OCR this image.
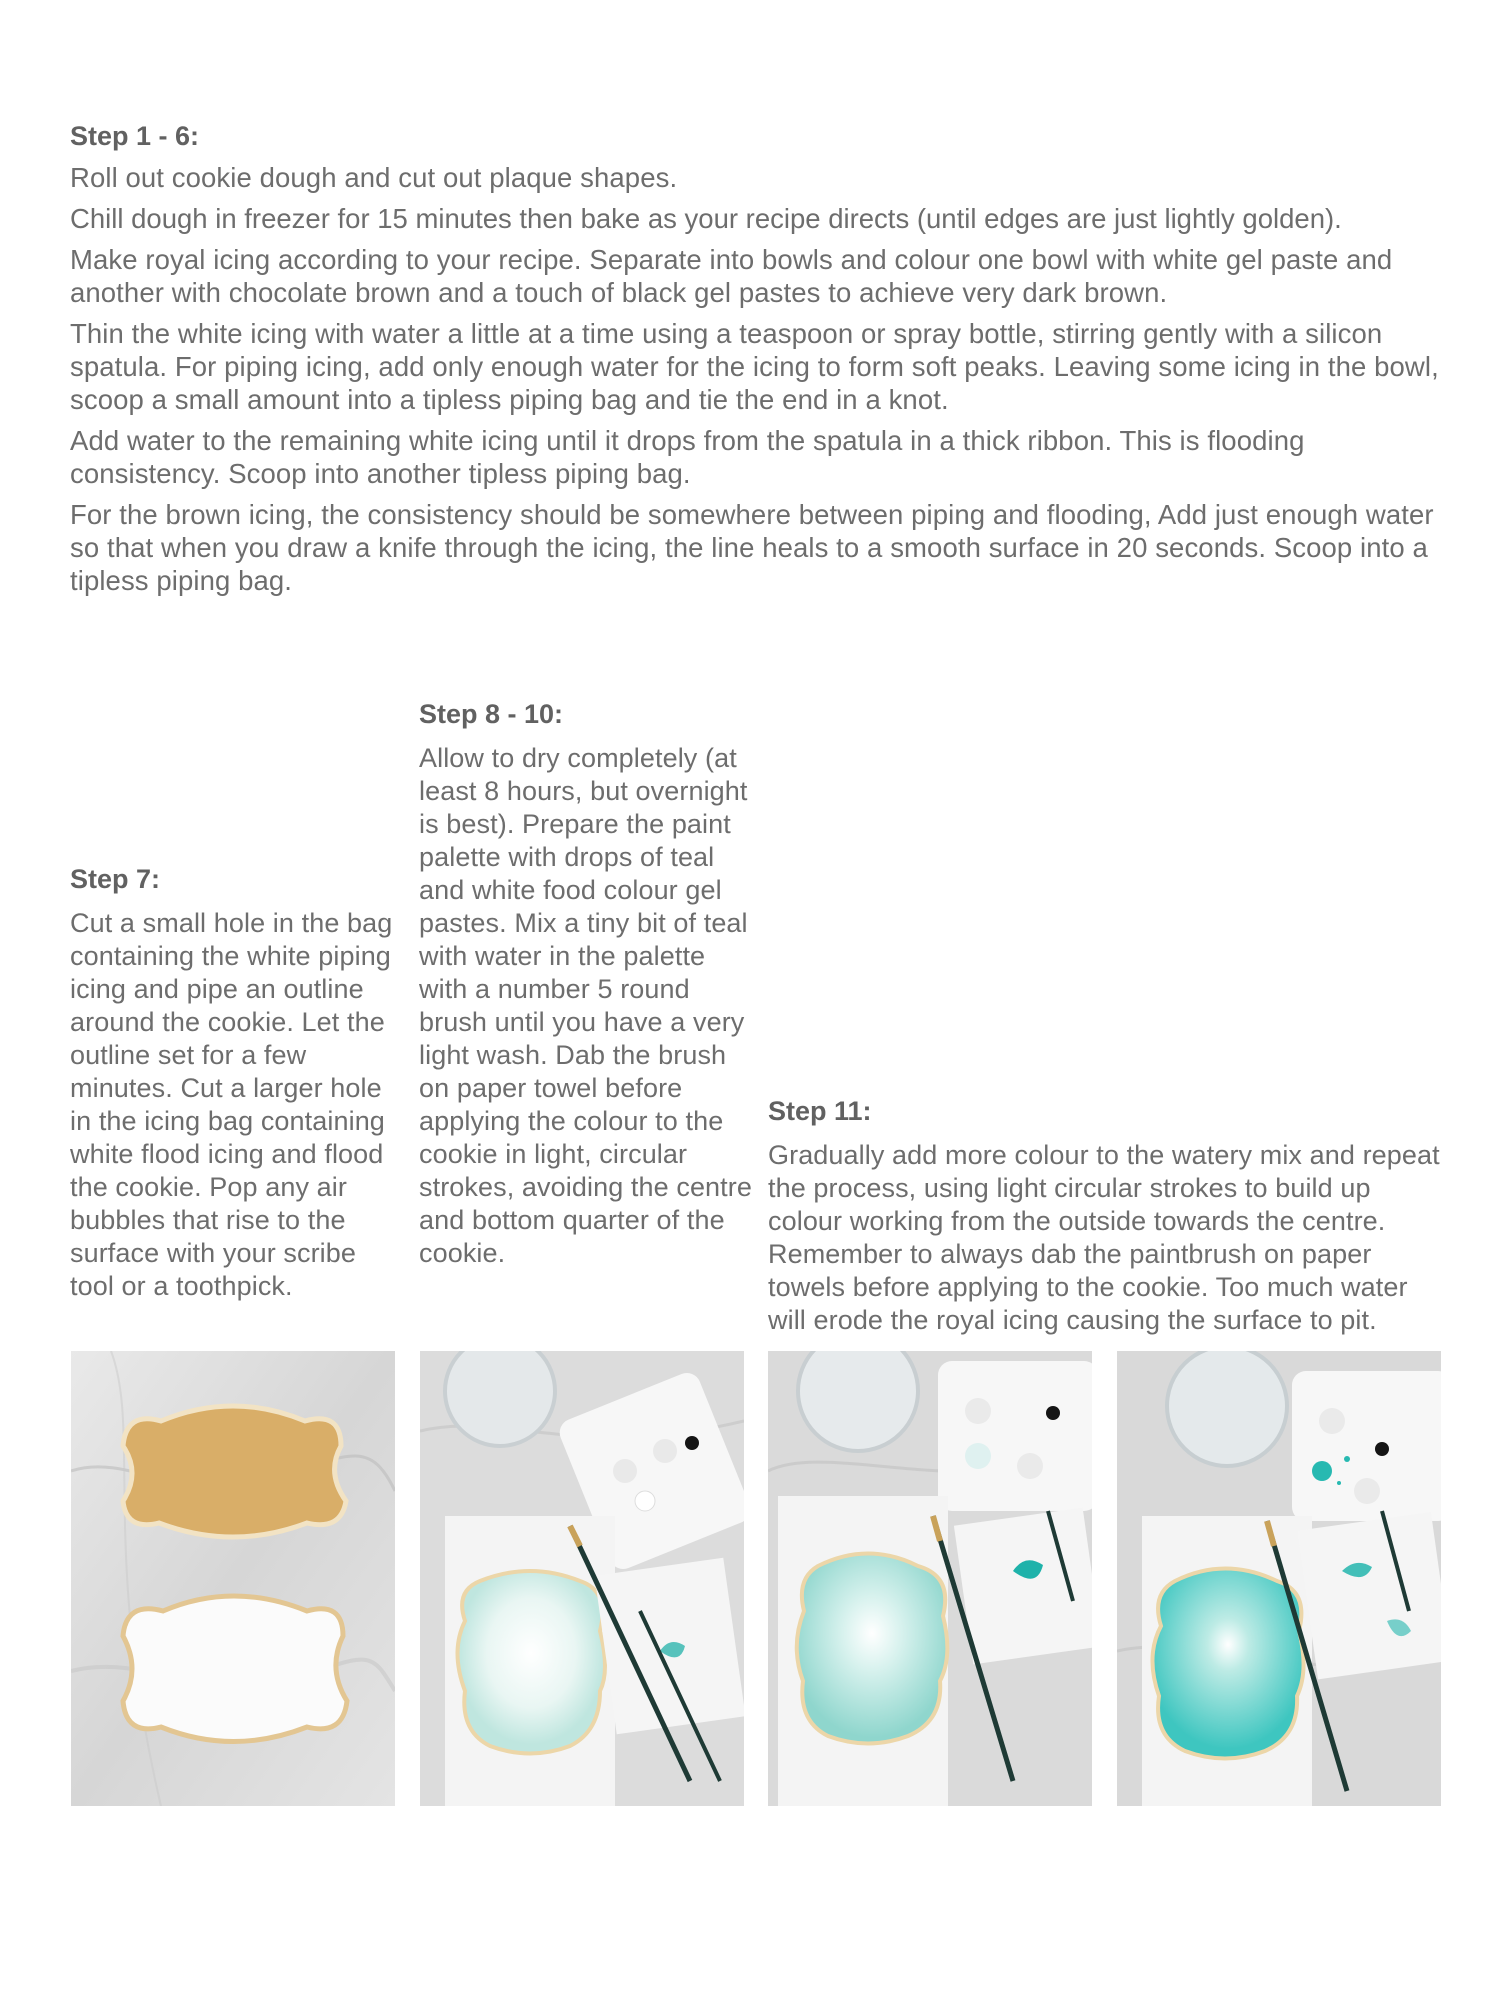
Step 1 - 6:

Roll out cookie dough and cut out plaque shapes.

Chill dough in freezer for 15 minutes then bake as your recipe directs (until edges are just lightly golden).

Make royal icing according to your recipe. Separate into bowls and colour one bowl with white gel paste and another with chocolate brown and a touch of black gel pastes to achieve very dark brown.

Thin the white icing with water a little at a time using a teaspoon or spray bottle, stirring gently with a silicon spatula. For piping icing, add only enough water for the icing to form soft peaks. Leaving some icing in the bowl, scoop a small amount into a tipless piping bag and tie the end in a knot.

Add water to the remaining white icing until it drops from the spatula in a thick ribbon. This is flooding consistency. Scoop into another tipless piping bag.

For the brown icing, the consistency should be somewhere between piping and flooding, Add just enough water so that when you draw a knife through the icing, the line heals to a smooth surface in 20 seconds. Scoop into a tipless piping bag.

Step 7:

Cut a small hole in the bag containing the white piping icing and pipe an outline around the cookie. Let the outline set for a few minutes. Cut a larger hole in the icing bag containing white flood icing and flood the cookie. Pop any air bubbles that rise to the surface with your scribe tool or a toothpick.

Step 8 - 10:

Allow to dry completely (at least 8 hours, but overnight is best). Prepare the paint palette with drops of teal and white food colour gel pastes. Mix a tiny bit of teal with water in the palette with a number 5 round brush until you have a very light wash. Dab the brush on paper towel before applying the colour to the cookie in light, circular strokes, avoiding the centre and bottom quarter of the cookie.

Step 11:

Gradually add more colour to the watery mix and repeat the process, using light circular strokes to build up colour working from the outside towards the centre. Remember to always dab the paintbrush on paper towels before applying to the cookie. Too much water will erode the royal icing causing the surface to pit.
